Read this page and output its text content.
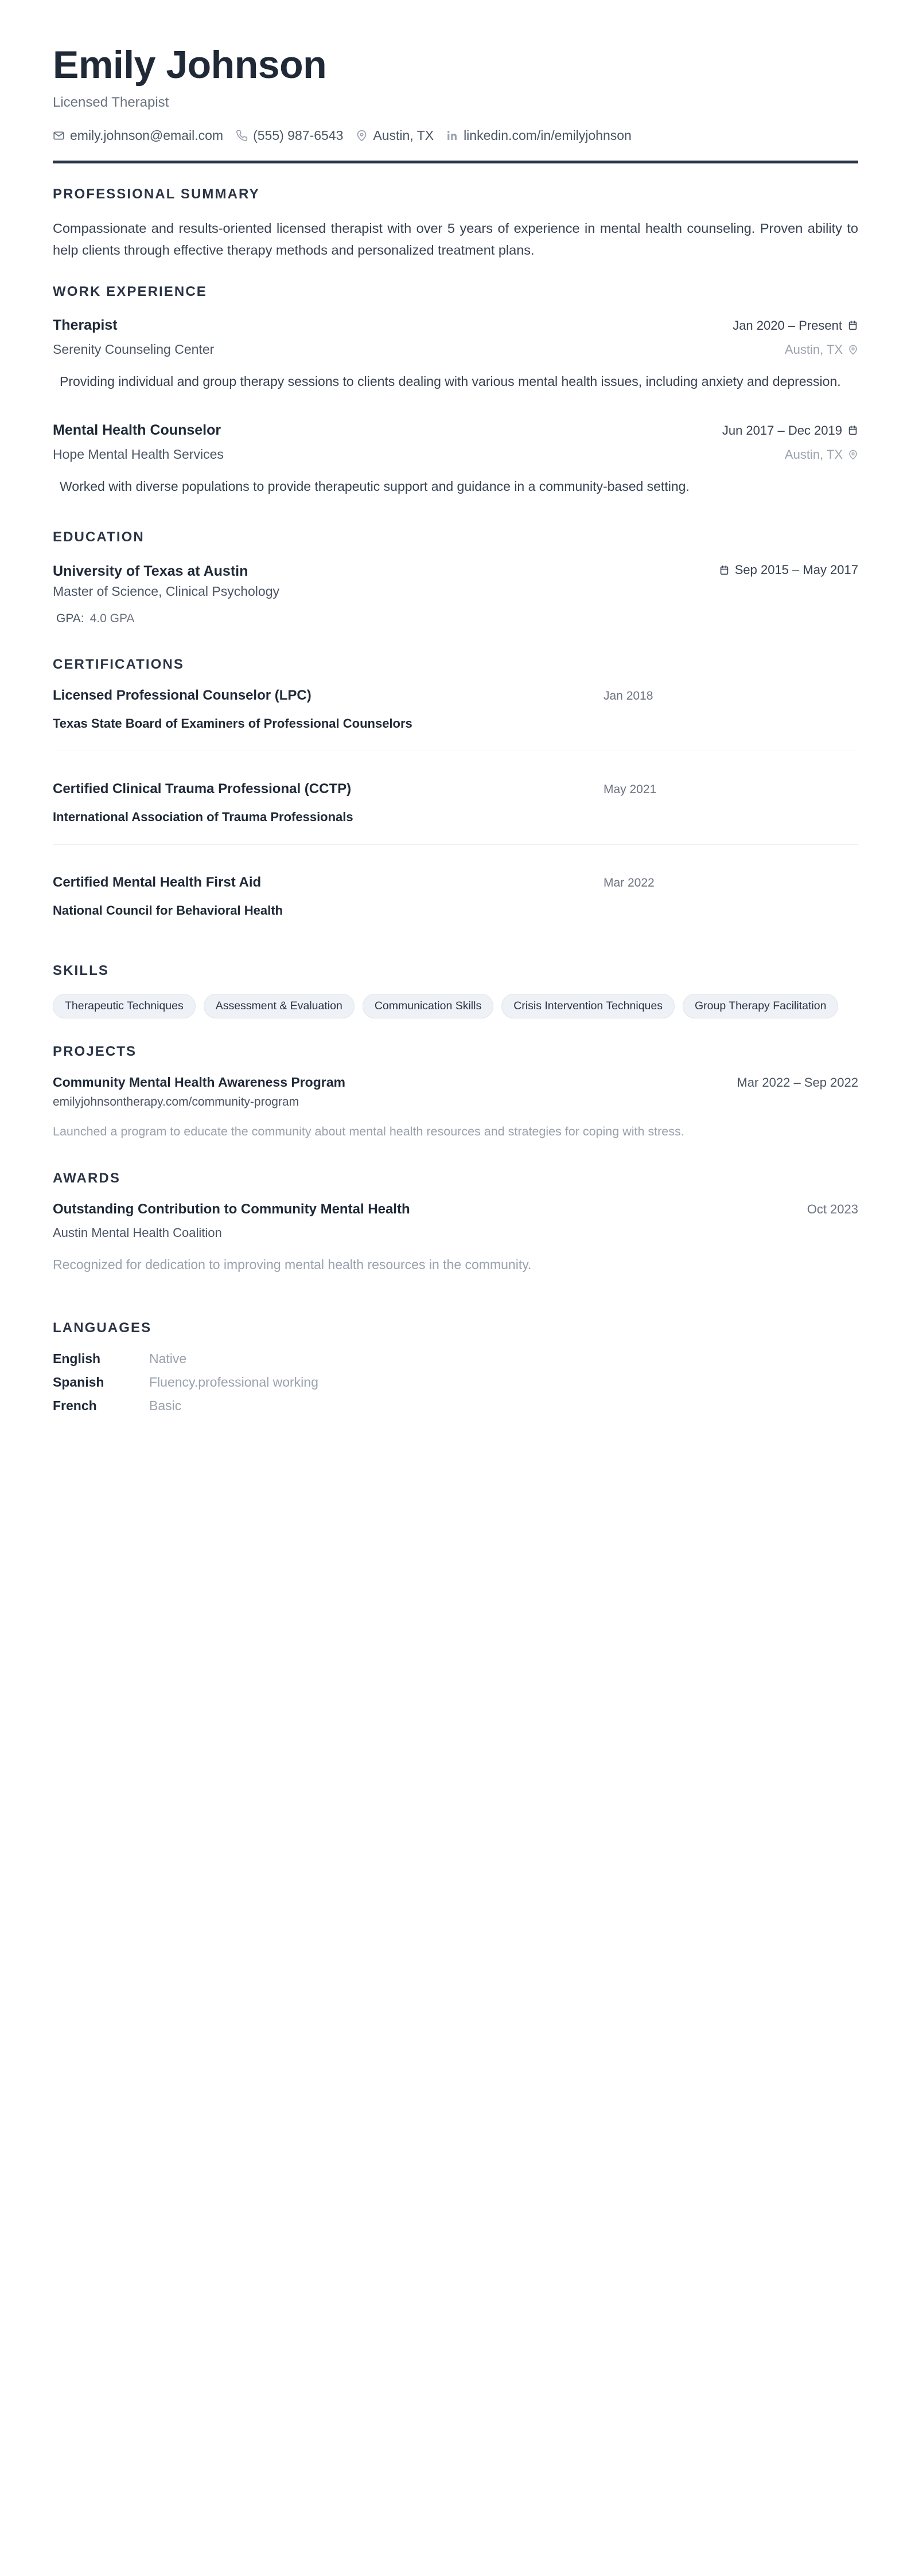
Emily Johnson
Licensed Therapist
emily.johnson@email.com (555) 987-6543 Austin, TX linkedin.com/in/emilyjohnson
PROFESSIONAL SUMMARY

Compassionate and results-oriented licensed therapist with over 5 years of experience in mental health counseling. Proven ability to help clients through effective therapy methods and personalized treatment plans.

WORK EXPERIENCE
Therapist	Jan 2020 – Present
Serenity Counseling Center	Austin, TX

Providing individual and group therapy sessions to clients dealing with various mental health issues, including anxiety and depression.

Mental Health Counselor	Jun 2017 – Dec 2019
Hope Mental Health Services	Austin, TX

Worked with diverse populations to provide therapeutic support and guidance in a community-based setting.

EDUCATION
University of Texas at Austin	Sep 2015 – May 2017
Master of Science, Clinical Psychology
GPA: 4.0 GPA
CERTIFICATIONS
Licensed Professional Counselor (LPC)	Jan 2018
Texas State Board of Examiners of Professional Counselors
Certified Clinical Trauma Professional (CCTP)	May 2021
International Association of Trauma Professionals
Certified Mental Health First Aid	Mar 2022
National Council for Behavioral Health
SKILLS
Therapeutic Techniques	Assessment & Evaluation	Communication Skills	Crisis Intervention Techniques	Group Therapy Facilitation
PROJECTS
Community Mental Health Awareness Program	Mar 2022 – Sep 2022
emilyjohnsontherapy.com/community-program

Launched a program to educate the community about mental health resources and strategies for coping with stress.

AWARDS
Outstanding Contribution to Community Mental Health	Oct 2023
Austin Mental Health Coalition

Recognized for dedication to improving mental health resources in the community.

LANGUAGES
English	Native
Spanish	Fluency.professional working
French	Basic
